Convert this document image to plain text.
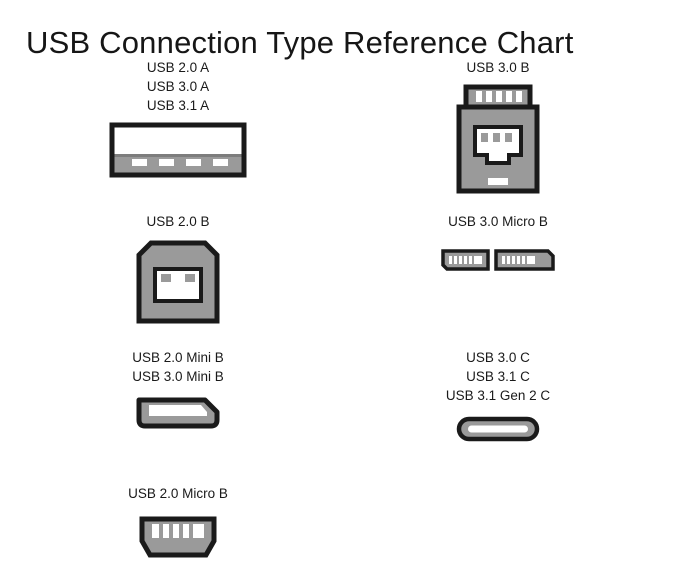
USB Connection Type Reference Chart
USB 2.0 A
USB 3.0 A
USB 3.1 A
USB 3.0 B
USB 2.0 B	USB 3.0 Micro B
USB 2.0 Mini B
USB 3.0 Mini B
USB 3.0 C
USB 3.1 C
USB 3.1 Gen 2 C
USB 2.0 Micro B
